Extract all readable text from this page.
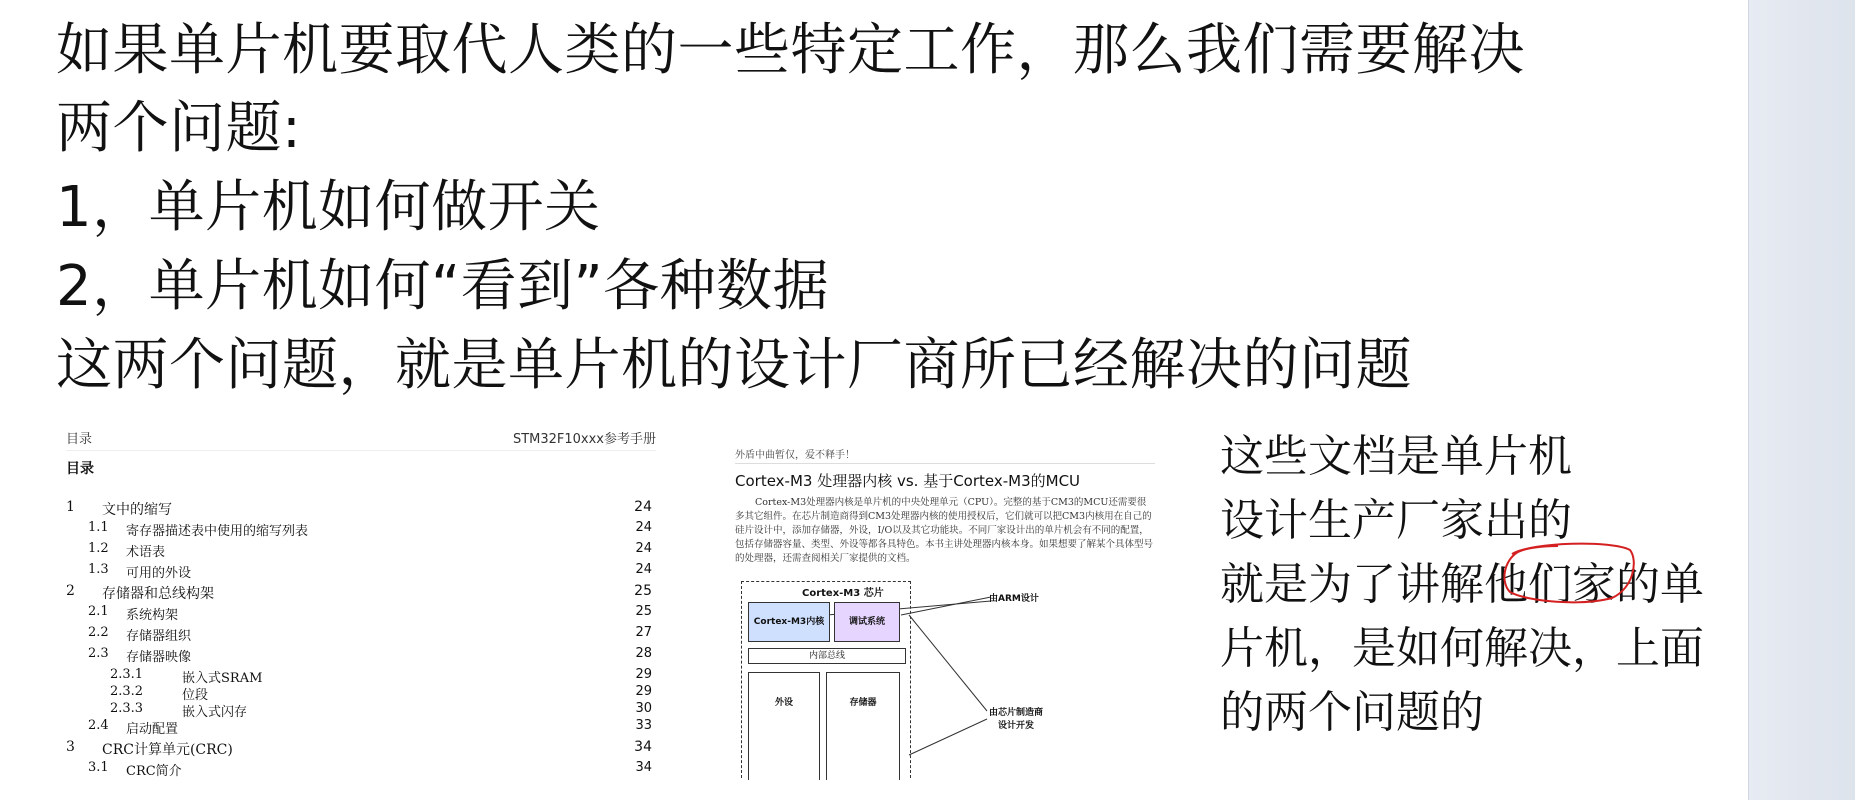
如果单片机要取代人类的一些特定工作，那么我们需要解决
两个问题:
1，单片机如何做开关
2，单片机如何“看到”各种数据
这两个问题，就是单片机的设计厂商所已经解决的问题
目录	STM32F10xxx参考手册
目录
1 文中的缩写	24
1.1 寄存器描述表中使用的缩写列表	24
1.2 术语表	24
1.3 可用的外设	24
2 存储器和总线构架	25
2.1 系统构架	25
2.2 存储器组织	27
2.3 存储器映像	28
2.3.1	嵌入式SRAM	29
2.3.2	位段	29
2.3.3	嵌入式闪存	30
2.4 启动配置	33
3 CRC计算单元(CRC)	34
3.1 CRC简介	34
外盾中曲暂仅，爱不释手！
Cortex-M3 处理器内核 vs. 基于Cortex-M3的MCU
Cortex-M3处理器内核是单片机的中央处理单元（CPU）。完整的基于CM3的MCU还需要很多其它组件。在芯片制造商得到CM3处理器内核的使用授权后，它们就可以把CM3内核用在自己的硅片设计中，添加存储器，外设，I/O以及其它功能块。不同厂家设计出的单片机会有不同的配置，包括存储器容量、类型、外设等都各具特色。本书主讲处理器内核本身。如果想要了解某个具体型号的处理器，还需查阅相关厂家提供的文档。
Cortex-M3 芯片
Cortex-M3内核	调试系统
内部总线
外设	存储器
由ARM设计
由芯片制造商
设计开发
这些文档是单片机
设计生产厂家出的
就是为了讲解他们家的单
片机，是如何解决，上面
的两个问题的
